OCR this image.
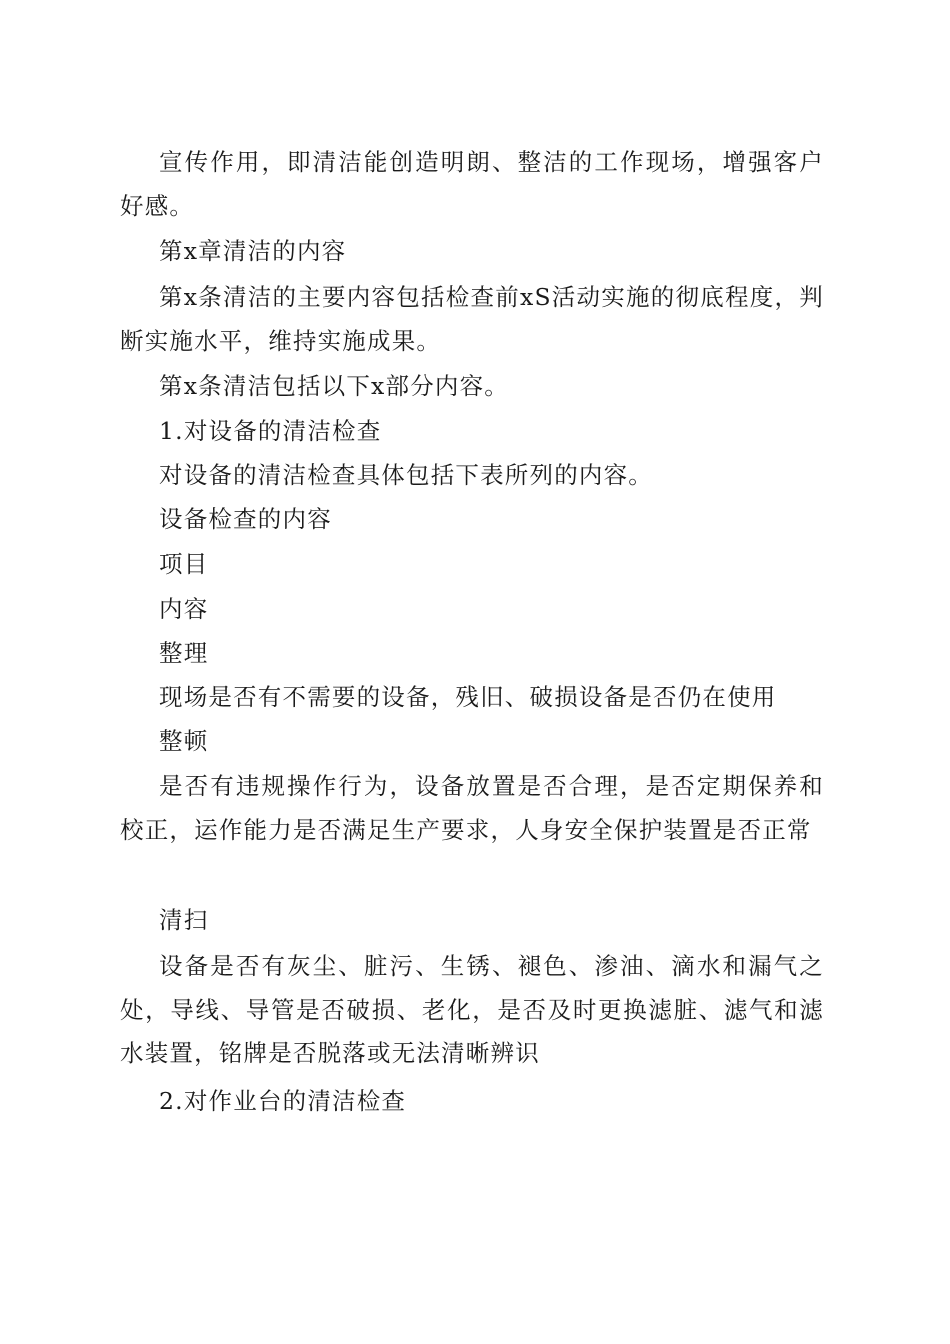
宣传作用，即清洁能创造明朗、整洁的工作现场，增强客户好感。

第x章清洁的内容

第x条清洁的主要内容包括检查前xS活动实施的彻底程度，判断实施水平，维持实施成果。

第x条清洁包括以下x部分内容。

1.对设备的清洁检查

对设备的清洁检查具体包括下表所列的内容。

设备检查的内容

项目

内容

整理

现场是否有不需要的设备，残旧、破损设备是否仍在使用

整顿

是否有违规操作行为，设备放置是否合理，是否定期保养和校正，运作能力是否满足生产要求，人身安全保护装置是否正常

清扫

设备是否有灰尘、脏污、生锈、褪色、渗油、滴水和漏气之处，导线、导管是否破损、老化，是否及时更换滤脏、滤气和滤水装置，铭牌是否脱落或无法清晰辨识

2.对作业台的清洁检查
